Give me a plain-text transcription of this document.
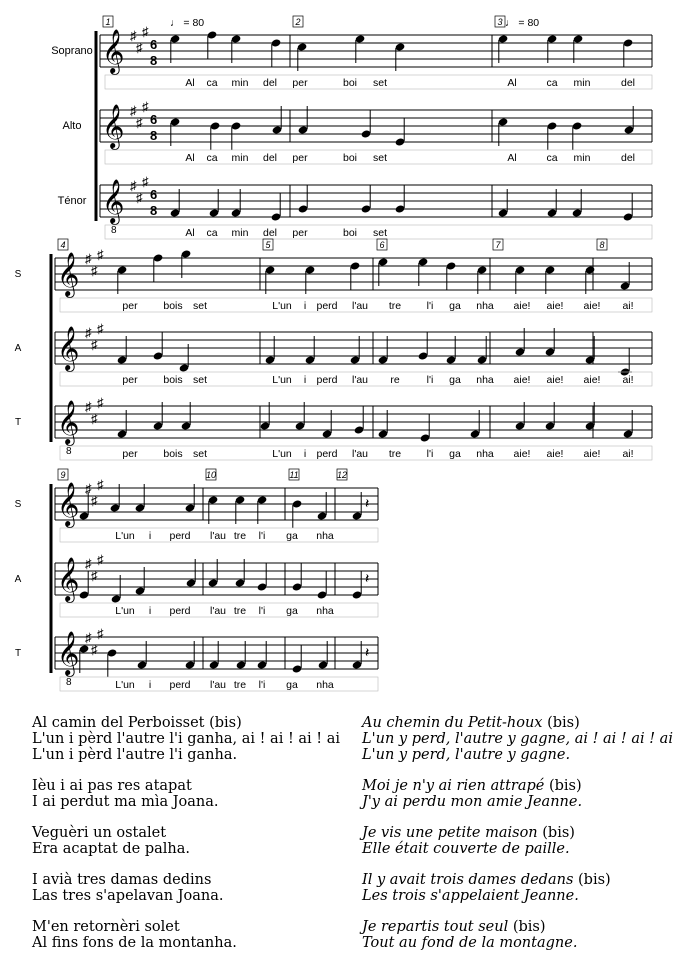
𝄞 ♯
♯
♯
6
8
Al ca min del per	boi set	Al	ca min	del
𝄞 ♯
♯
♯
6
8
Al ca min del per	boi set	Al	ca min	del
𝄞
8
♯
♯
♯
6
8
Al ca min del per	boi set
1	2	3
Soprano
Alto
Ténor
𝄞 ♯
♯
♯
per bois set	L'un i perd l'au tre l'i ga nha aie! aie! aie! ai!
𝄞 ♯
♯
♯
per bois set	L'un i perd l'au re	l'i ga nha aie! aie! aie! ai!
𝄞
8
♯
♯
♯
per bois set	L'un i perd l'au tre l'i ga nha aie! aie! aie! ai!
4	5	6	7	8
S
A
T
𝄞 ♯
♯
♯
𝄽
L'un i perd l'au tre l'i ga nha
𝄞 ♯
♯
♯
𝄽
L'un i perd l'au tre l'i ga nha
𝄞
8
♯
♯
♯
𝄽
L'un i perd l'au tre l'i ga nha
9	10	11	12
S
A
T
♩ = 80	♩ = 80
Al camin del Perboisset (bis)
L'un i pèrd l'autre l'i ganha, ai ! ai ! ai ! ai
L'un i pèrd l'autre l'i ganha.
Ièu i ai pas res atapat
I ai perdut ma mìa Joana.
Veguèri un ostalet
Era acaptat de palha.
I avià tres damas dedins
Las tres s'apelavan Joana.
M'en retornèri solet
Al fins fons de la montanha.
Au chemin du Petit-houx (bis)
L'un y perd, l'autre y gagne, ai ! ai ! ai ! ai
L'un y perd, l'autre y gagne.
Moi je n'y ai rien attrapé (bis)
J'y ai perdu mon amie Jeanne.
Je vis une petite maison (bis)
Elle était couverte de paille.
Il y avait trois dames dedans (bis)
Les trois s'appelaient Jeanne.
Je repartis tout seul (bis)
Tout au fond de la montagne.
